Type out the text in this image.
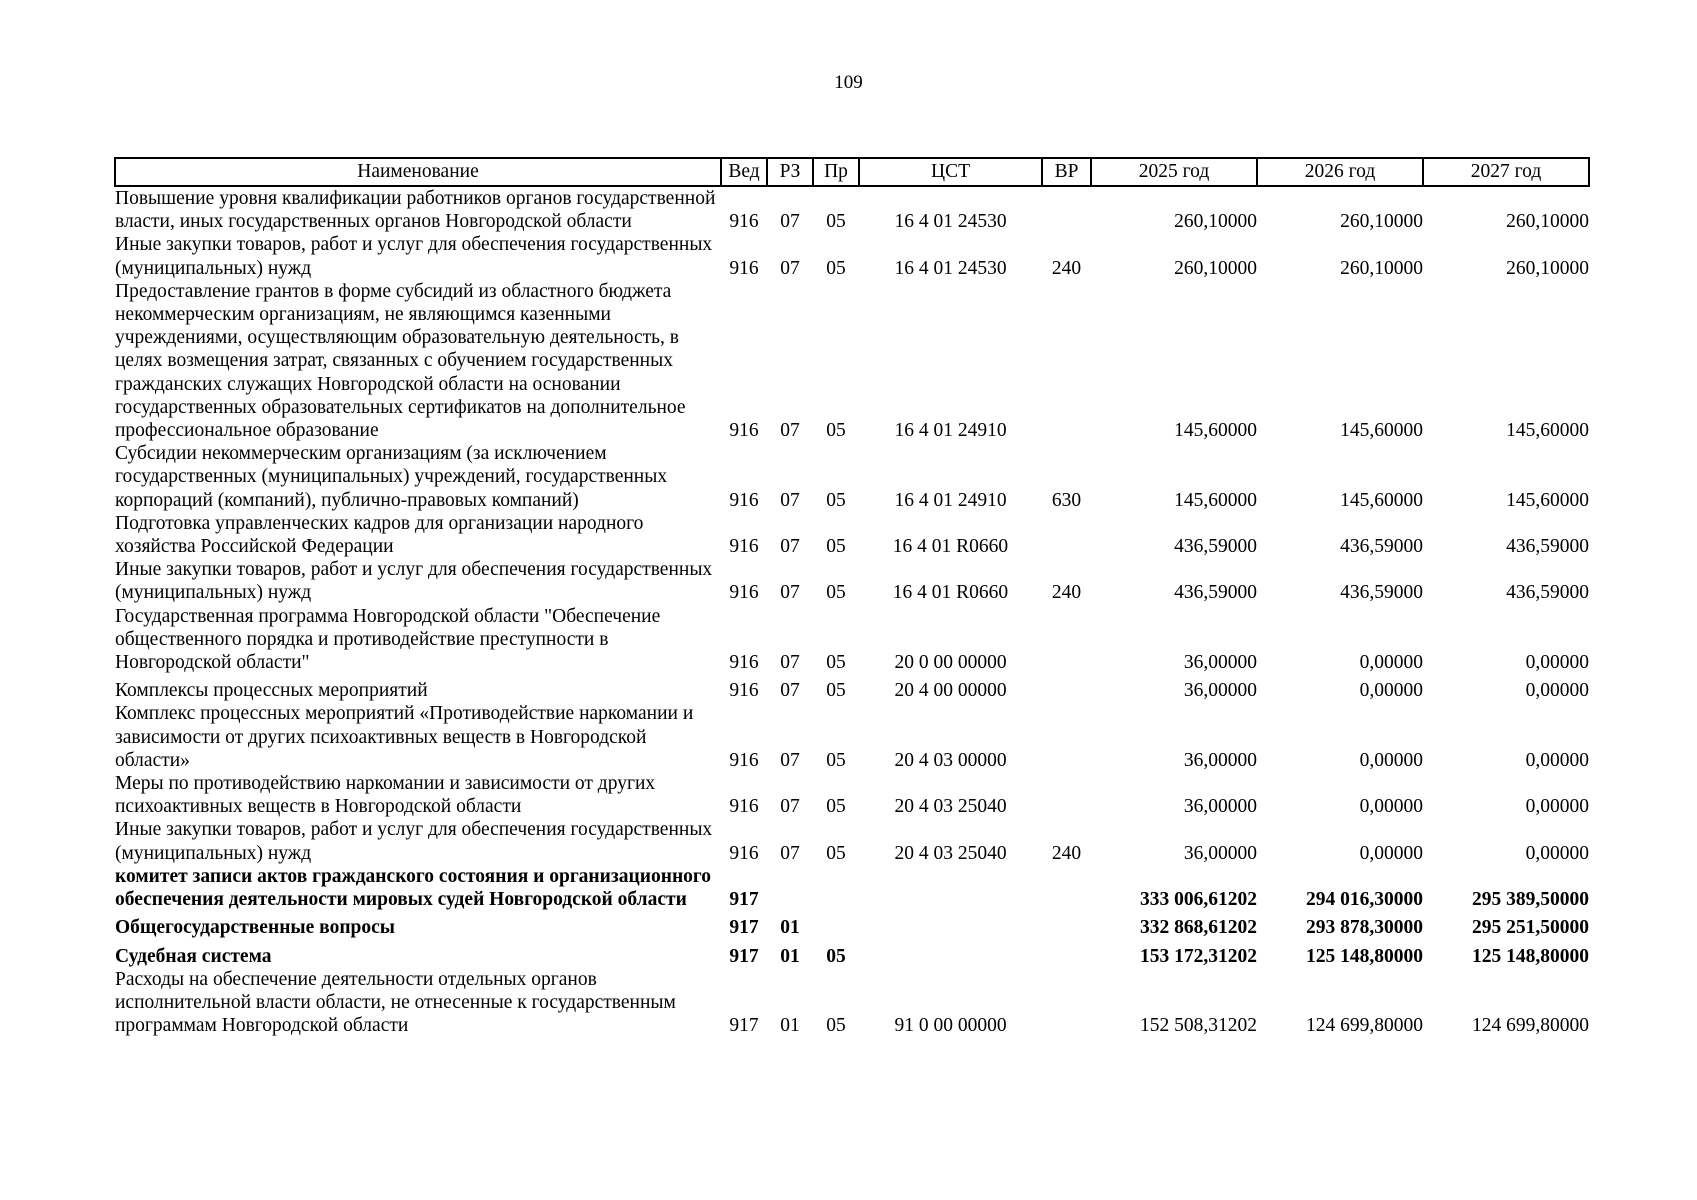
109
Наименование	Вед	РЗ	Пр	ЦСТ	ВР	2025 год	2026 год	2027 год
Повышение уровня квалификации работников органов государственной власти, иных государственных органов Новгородской области	916	07	05	16 4 01 24530		260,10000	260,10000	260,10000
Иные закупки товаров, работ и услуг для обеспечения государственных (муниципальных) нужд	916	07	05	16 4 01 24530	240	260,10000	260,10000	260,10000
Предоставление грантов в форме субсидий из областного бюджета некоммерческим организациям, не являющимся казенными учреждениями, осуществляющим образовательную деятельность, в целях возмещения затрат, связанных с обучением государственных гражданских служащих Новгородской области на основании государственных образовательных сертификатов на дополнительное профессиональное образование	916	07	05	16 4 01 24910		145,60000	145,60000	145,60000
Субсидии некоммерческим организациям (за исключением государственных (муниципальных) учреждений, государственных корпораций (компаний), публично-правовых компаний)	916	07	05	16 4 01 24910	630	145,60000	145,60000	145,60000
Подготовка управленческих кадров для организации народного хозяйства Российской Федерации	916	07	05	16 4 01 R0660		436,59000	436,59000	436,59000
Иные закупки товаров, работ и услуг для обеспечения государственных (муниципальных) нужд	916	07	05	16 4 01 R0660	240	436,59000	436,59000	436,59000
Государственная программа Новгородской области "Обеспечение общественного порядка и противодействие преступности в Новгородской области"	916	07	05	20 0 00 00000		36,00000	0,00000	0,00000
Комплексы процессных мероприятий	916	07	05	20 4 00 00000		36,00000	0,00000	0,00000
Комплекс процессных мероприятий «Противодействие наркомании и зависимости от других психоактивных веществ в Новгородской области»	916	07	05	20 4 03 00000		36,00000	0,00000	0,00000
Меры по противодействию наркомании и зависимости от других психоактивных веществ в Новгородской области	916	07	05	20 4 03 25040		36,00000	0,00000	0,00000
Иные закупки товаров, работ и услуг для обеспечения государственных (муниципальных) нужд	916	07	05	20 4 03 25040	240	36,00000	0,00000	0,00000
комитет записи актов гражданского состояния и организационного обеспечения деятельности мировых судей Новгородской области	917					333 006,61202	294 016,30000	295 389,50000
Общегосударственные вопросы	917	01				332 868,61202	293 878,30000	295 251,50000
Судебная система	917	01	05			153 172,31202	125 148,80000	125 148,80000
Расходы на обеспечение деятельности отдельных органов исполнительной власти области, не отнесенные к государственным программам Новгородской области	917	01	05	91 0 00 00000		152 508,31202	124 699,80000	124 699,80000
